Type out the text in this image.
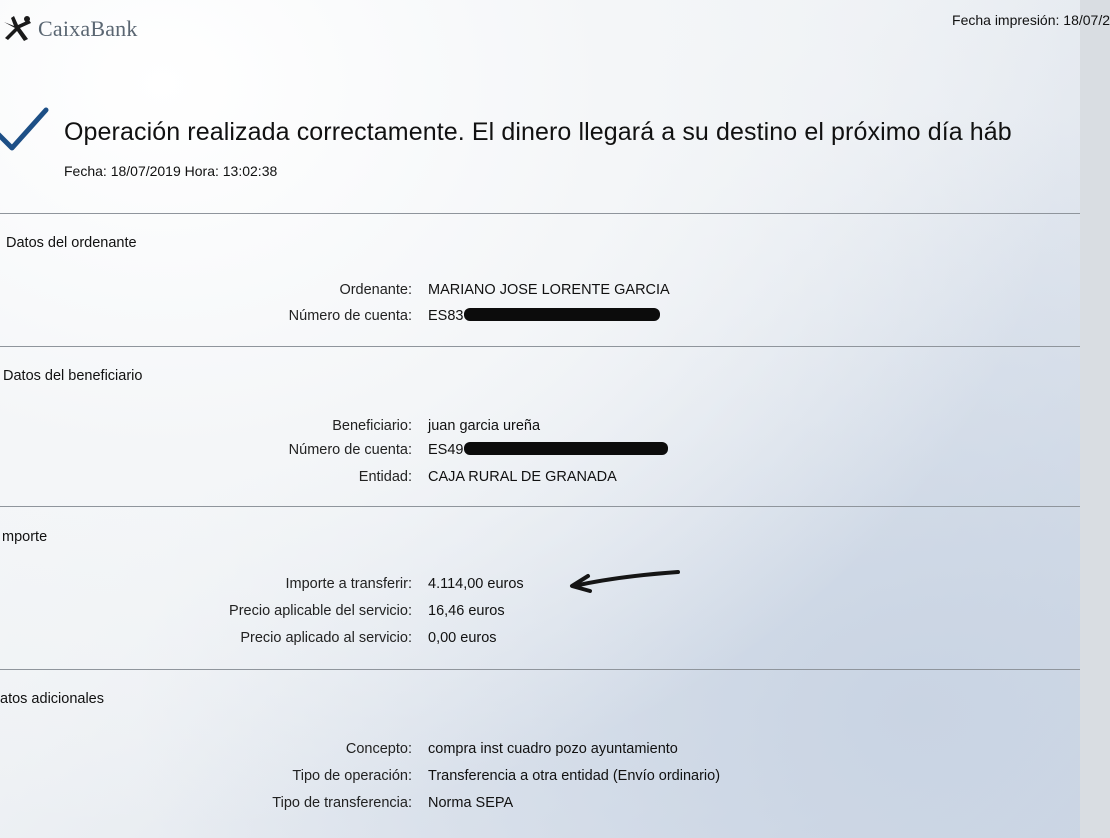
CaixaBank	Fecha impresión: 18/07/2
Operación realizada correctamente. El dinero llegará a su destino el próximo día háb
Fecha: 18/07/2019 Hora: 13:02:38
Datos del ordenante
Ordenante: MARIANO JOSE LORENTE GARCIA
Número de cuenta: ES83
Datos del beneficiario
Beneficiario: juan garcia ureña
Número de cuenta: ES49
Entidad: CAJA RURAL DE GRANADA
mporte
Importe a transferir: 4.114,00 euros
Precio aplicable del servicio: 16,46 euros
Precio aplicado al servicio: 0,00 euros
atos adicionales
Concepto: compra inst cuadro pozo ayuntamiento
Tipo de operación: Transferencia a otra entidad (Envío ordinario)
Tipo de transferencia: Norma SEPA
